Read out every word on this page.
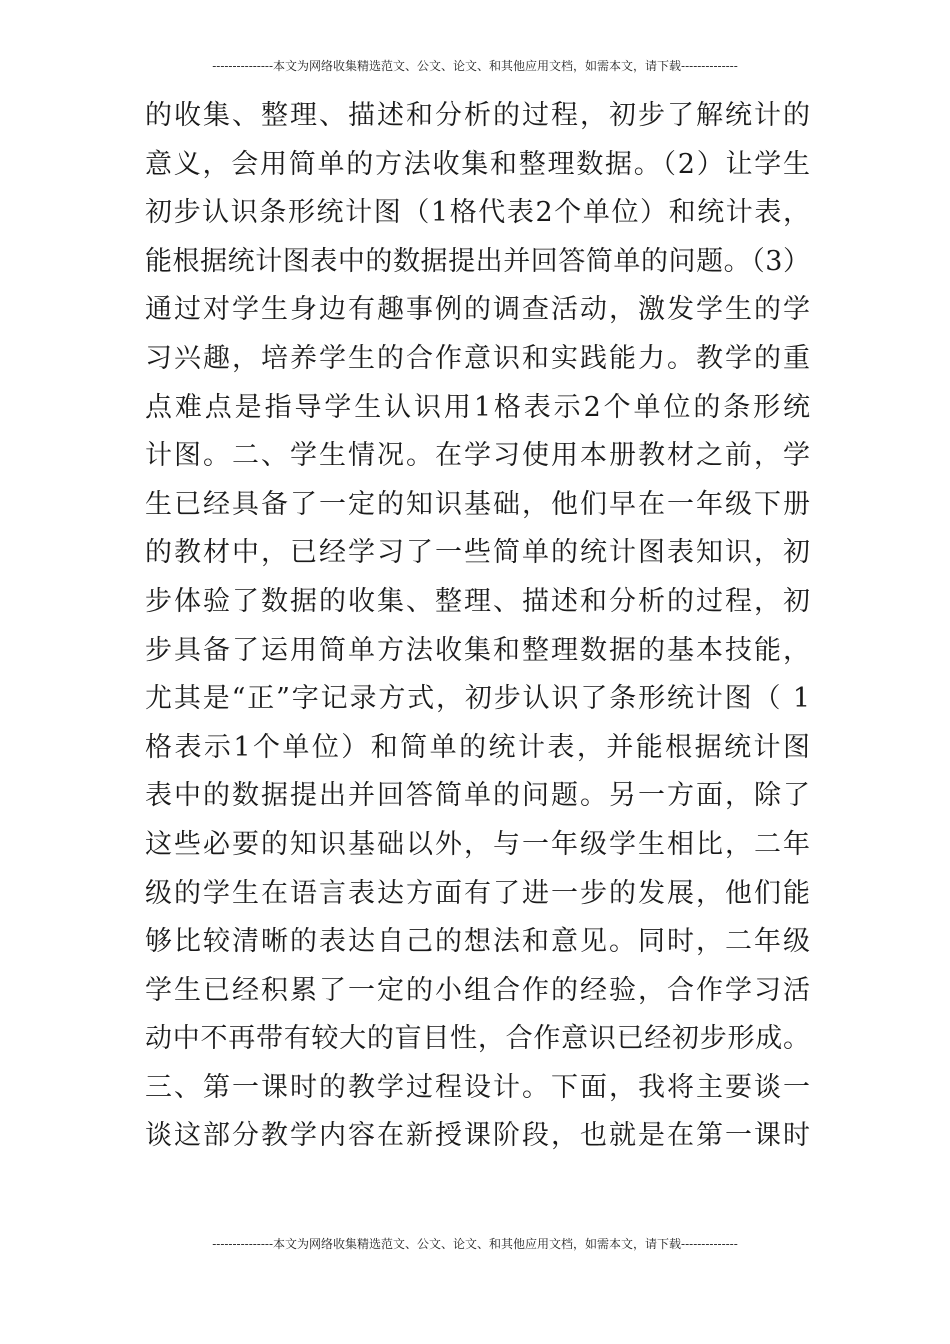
---------------本文为网络收集精选范文、公文、论文、和其他应用文档，如需本文，请下载--------------
的收集、整理、描述和分析的过程，初步了解统计的
意义，会用简单的方法收集和整理数据。（2）让学生
初步认识条形统计图（1格代表2个单位）和统计表，
能根据统计图表中的数据提出并回答简单的问题。（3）
通过对学生身边有趣事例的调查活动，激发学生的学
习兴趣，培养学生的合作意识和实践能力。教学的重
点难点是指导学生认识用1格表示2个单位的条形统
计图。二、学生情况。在学习使用本册教材之前，学
生已经具备了一定的知识基础，他们早在一年级下册
的教材中，已经学习了一些简单的统计图表知识，初
步体验了数据的收集、整理、描述和分析的过程，初
步具备了运用简单方法收集和整理数据的基本技能，
尤其是“正”字记录方式，初步认识了条形统计图（ 1
格表示1个单位）和简单的统计表，并能根据统计图
表中的数据提出并回答简单的问题。另一方面，除了
这些必要的知识基础以外，与一年级学生相比，二年
级的学生在语言表达方面有了进一步的发展，他们能
够比较清晰的表达自己的想法和意见。同时，二年级
学生已经积累了一定的小组合作的经验，合作学习活
动中不再带有较大的盲目性，合作意识已经初步形成。
三、第一课时的教学过程设计。下面，我将主要谈一
谈这部分教学内容在新授课阶段，也就是在第一课时
---------------本文为网络收集精选范文、公文、论文、和其他应用文档，如需本文，请下载--------------
